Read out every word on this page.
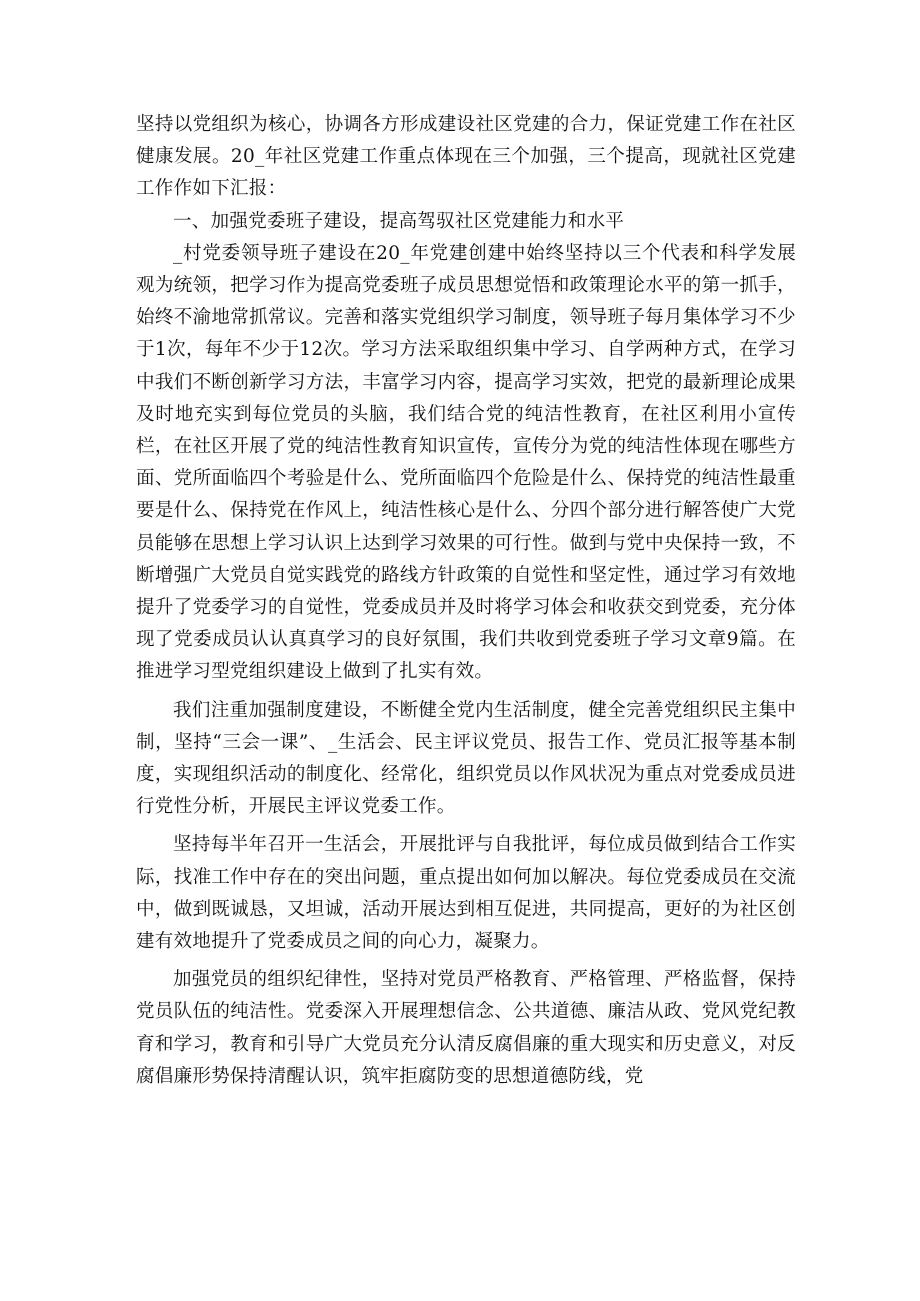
坚持以党组织为核心，协调各方形成建设社区党建的合力，保证党建工作在社区健康发展。20_年社区党建工作重点体现在三个加强，三个提高，现就社区党建工作作如下汇报：

一、加强党委班子建设，提高驾驭社区党建能力和水平

_村党委领导班子建设在20_年党建创建中始终坚持以三个代表和科学发展观为统领，把学习作为提高党委班子成员思想觉悟和政策理论水平的第一抓手，始终不渝地常抓常议。完善和落实党组织学习制度，领导班子每月集体学习不少于1次，每年不少于12次。学习方法采取组织集中学习、自学两种方式，在学习中我们不断创新学习方法，丰富学习内容，提高学习实效，把党的最新理论成果及时地充实到每位党员的头脑，我们结合党的纯洁性教育，在社区利用小宣传栏，在社区开展了党的纯洁性教育知识宣传，宣传分为党的纯洁性体现在哪些方面、党所面临四个考验是什么、党所面临四个危险是什么、保持党的纯洁性最重要是什么、保持党在作风上，纯洁性核心是什么、分四个部分进行解答使广大党员能够在思想上学习认识上达到学习效果的可行性。做到与党中央保持一致，不断增强广大党员自觉实践党的路线方针政策的自觉性和坚定性，通过学习有效地提升了党委学习的自觉性，党委成员并及时将学习体会和收获交到党委，充分体现了党委成员认认真真学习的良好氛围，我们共收到党委班子学习文章9篇。在推进学习型党组织建设上做到了扎实有效。

我们注重加强制度建设，不断健全党内生活制度，健全完善党组织民主集中制，坚持“三会一课”、_生活会、民主评议党员、报告工作、党员汇报等基本制度，实现组织活动的制度化、经常化，组织党员以作风状况为重点对党委成员进行党性分析，开展民主评议党委工作。

坚持每半年召开一生活会，开展批评与自我批评，每位成员做到结合工作实际，找准工作中存在的突出问题，重点提出如何加以解决。每位党委成员在交流中，做到既诚恳，又坦诚，活动开展达到相互促进，共同提高，更好的为社区创建有效地提升了党委成员之间的向心力，凝聚力。

加强党员的组织纪律性，坚持对党员严格教育、严格管理、严格监督，保持党员队伍的纯洁性。党委深入开展理想信念、公共道德、廉洁从政、党风党纪教育和学习，教育和引导广大党员充分认清反腐倡廉的重大现实和历史意义，对反腐倡廉形势保持清醒认识，筑牢拒腐防变的思想道德防线，党
